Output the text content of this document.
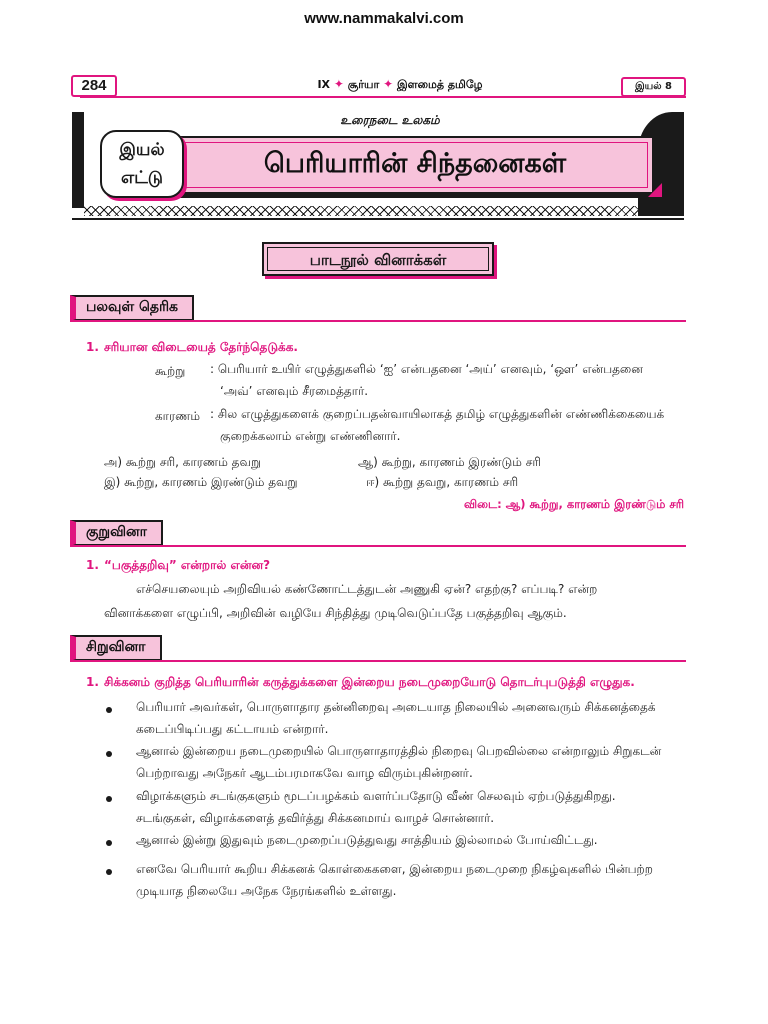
www.nammakalvi.com
284	IX ✦ சூர்யா ✦ இளமைத் தமிழே	இயல் 8
உரைநடை உலகம்
பெரியாரின் சிந்தனைகள்
இயல்
எட்டு
பாடநூல் வினாக்கள்
பலவுள் தெரிக
1. சரியான விடையைத் தேர்ந்தெடுக்க.
கூற்று : பெரியார் உயிர் எழுத்துகளில் ‘ஐ’ என்பதனை ‘அய்’ எனவும், ‘ஔ’ என்பதனை
‘அவ்’ எனவும் சீரமைத்தார்.
காரணம் : சில எழுத்துகளைக் குறைப்பதன்வாயிலாகத் தமிழ் எழுத்துகளின் எண்ணிக்கையைக்
குறைக்கலாம் என்று எண்ணினார்.
அ) கூற்று சரி, காரணம் தவறு	ஆ) கூற்று, காரணம் இரண்டும் சரி
இ) கூற்று, காரணம் இரண்டும் தவறு	ஈ) கூற்று தவறு, காரணம் சரி
விடை: ஆ) கூற்று, காரணம் இரண்டும் சரி
குறுவினா
1. “பகுத்தறிவு” என்றால் என்ன?
எச்செயலையும் அறிவியல் கண்ணோட்டத்துடன் அணுகி ஏன்? எதற்கு? எப்படி? என்ற
வினாக்களை எழுப்பி, அறிவின் வழியே சிந்தித்து முடிவெடுப்பதே பகுத்தறிவு ஆகும்.
சிறுவினா
1. சிக்கனம் குறித்த பெரியாரின் கருத்துக்களை இன்றைய நடைமுறையோடு தொடர்புபடுத்தி எழுதுக.
பெரியார் அவர்கள், பொருளாதார தன்னிறைவு அடையாத நிலையில் அனைவரும் சிக்கனத்தைக்
கடைப்பிடிப்பது கட்டாயம் என்றார்.
ஆனால் இன்றைய நடைமுறையில் பொருளாதாரத்தில் நிறைவு பெறவில்லை என்றாலும் சிறுகடன்
பெற்றாவது அநேகர் ஆடம்பரமாகவே வாழ விரும்புகின்றனர்.
விழாக்களும் சடங்குகளும் மூடப்பழக்கம் வளர்ப்பதோடு வீண் செலவும் ஏற்படுத்துகிறது.
சடங்குகள், விழாக்களைத் தவிர்த்து சிக்கனமாய் வாழச் சொன்னார்.
ஆனால் இன்று இதுவும் நடைமுறைப்படுத்துவது சாத்தியம் இல்லாமல் போய்விட்டது.
எனவே பெரியார் கூறிய சிக்கனக் கொள்கைகளை, இன்றைய நடைமுறை நிகழ்வுகளில் பின்பற்ற
முடியாத நிலையே அநேக நேரங்களில் உள்ளது.
